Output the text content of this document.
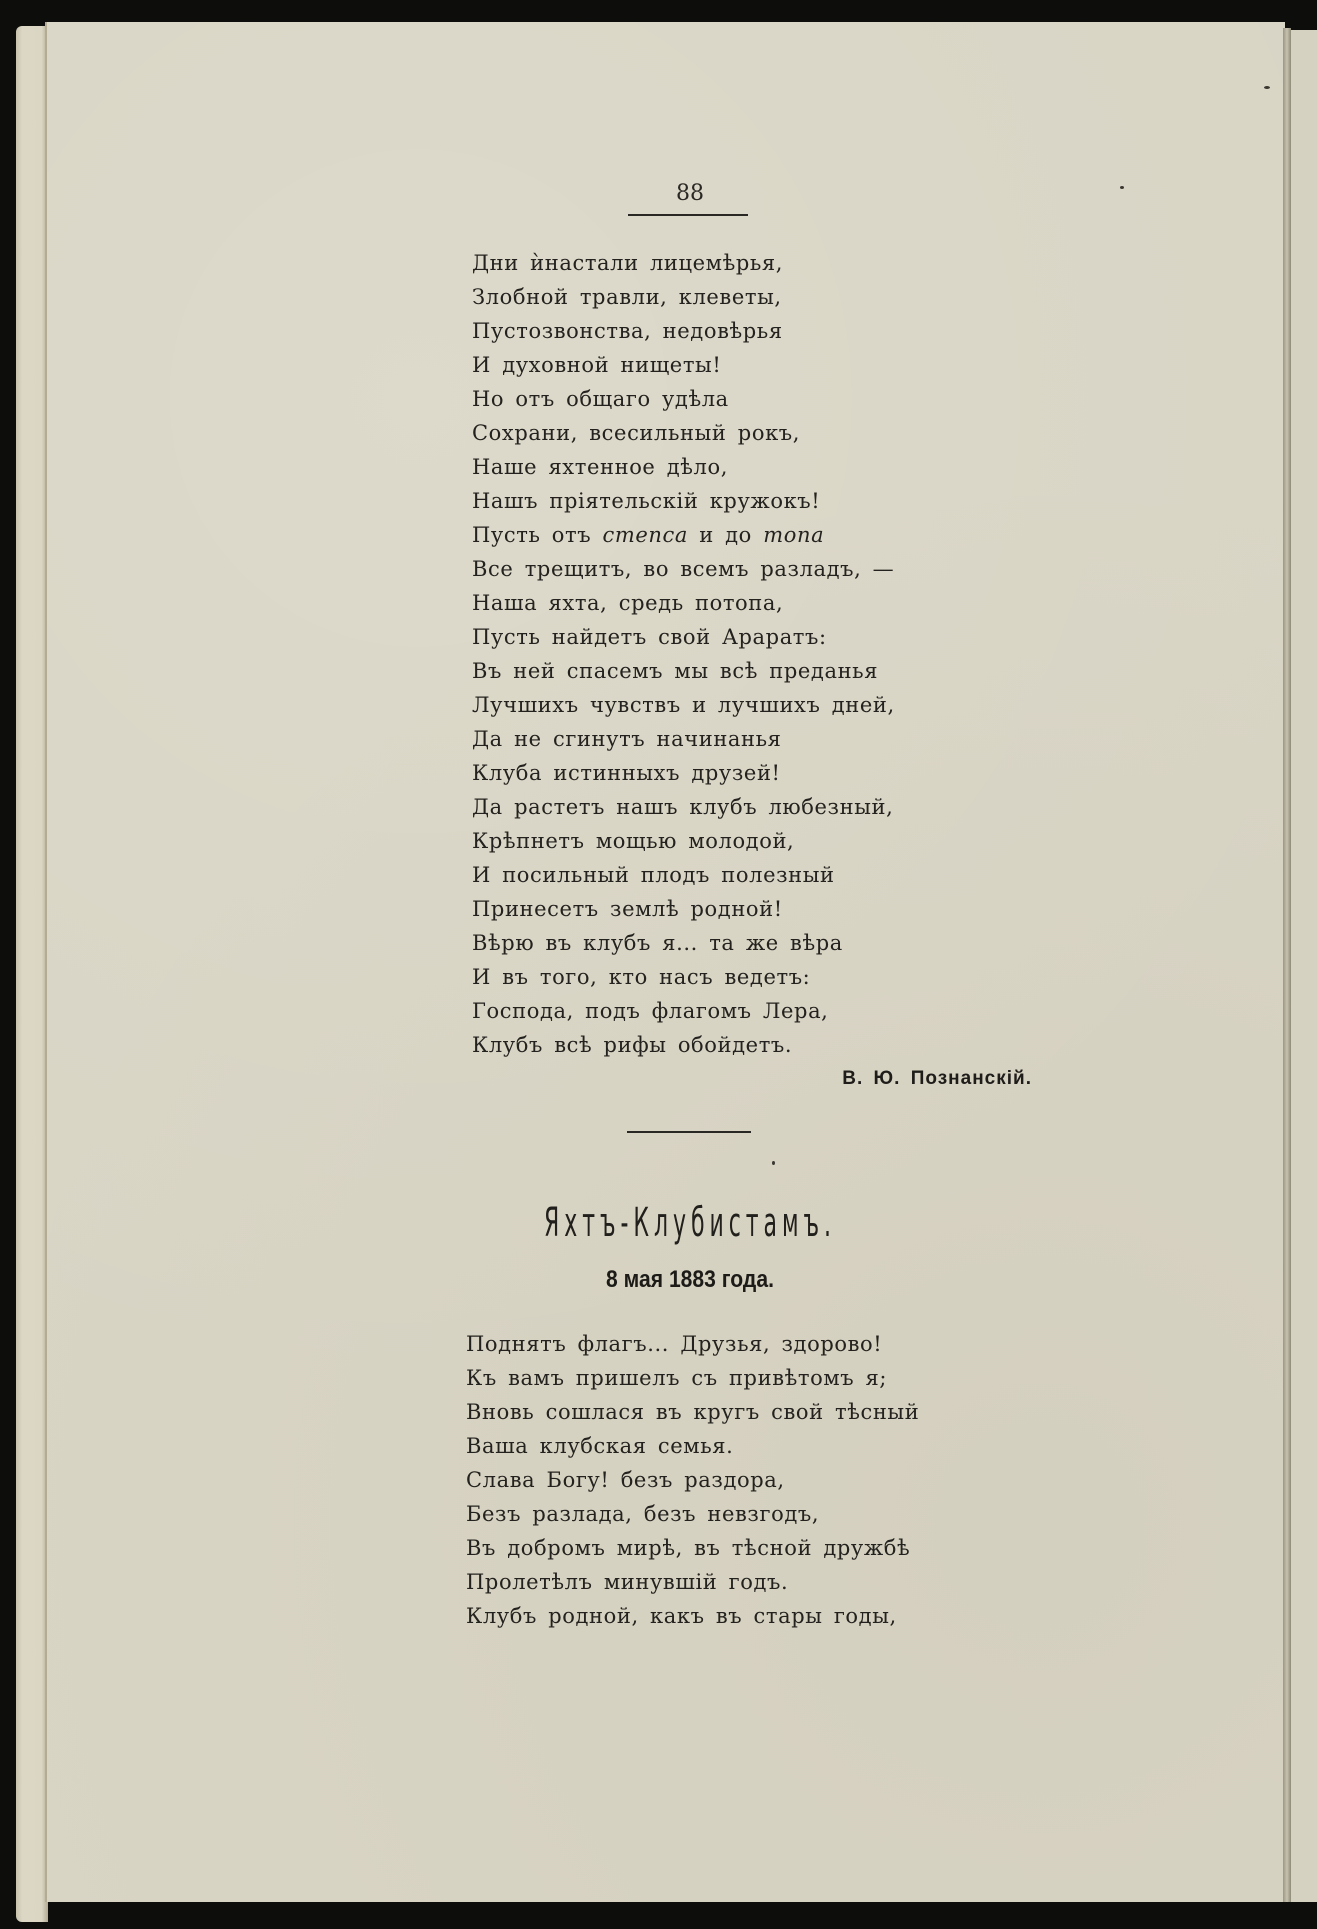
88
Дни ѝнастали лицемѣрья,
Злобной травли, клеветы,
Пустозвонства, недовѣрья
И духовной нищеты!
Но отъ общаго удѣла
Сохрани, всесильный рокъ,
Наше яхтенное дѣло,
Нашъ пріятельскій кружокъ!
Пусть отъ степса и до топа
Все трещитъ, во всемъ разладъ, —
Наша яхта, средь потопа,
Пусть найдетъ свой Араратъ:
Въ ней спасемъ мы всѣ преданья
Лучшихъ чувствъ и лучшихъ дней,
Да не сгинутъ начинанья
Клуба истинныхъ друзей!
Да растетъ нашъ клубъ любезный,
Крѣпнетъ мощью молодой,
И посильный плодъ полезный
Принесетъ землѣ родной!
Вѣрю въ клубъ я... та же вѣра
И въ того, кто насъ ведетъ:
Господа, подъ флагомъ Лера,
Клубъ всѣ рифы обойдетъ.
В. Ю. Познанскій.
Яхтъ-Клубистамъ.
8 мая 1883 года.
Поднятъ флагъ... Друзья, здорово!
Къ вамъ пришелъ съ привѣтомъ я;
Вновь сошлася въ кругъ свой тѣсный
Ваша клубская семья.
Слава Богу! безъ раздора,
Безъ разлада, безъ невзгодъ,
Въ добромъ мирѣ, въ тѣсной дружбѣ
Пролетѣлъ минувшій годъ.
Клубъ родной, какъ въ стары годы,
